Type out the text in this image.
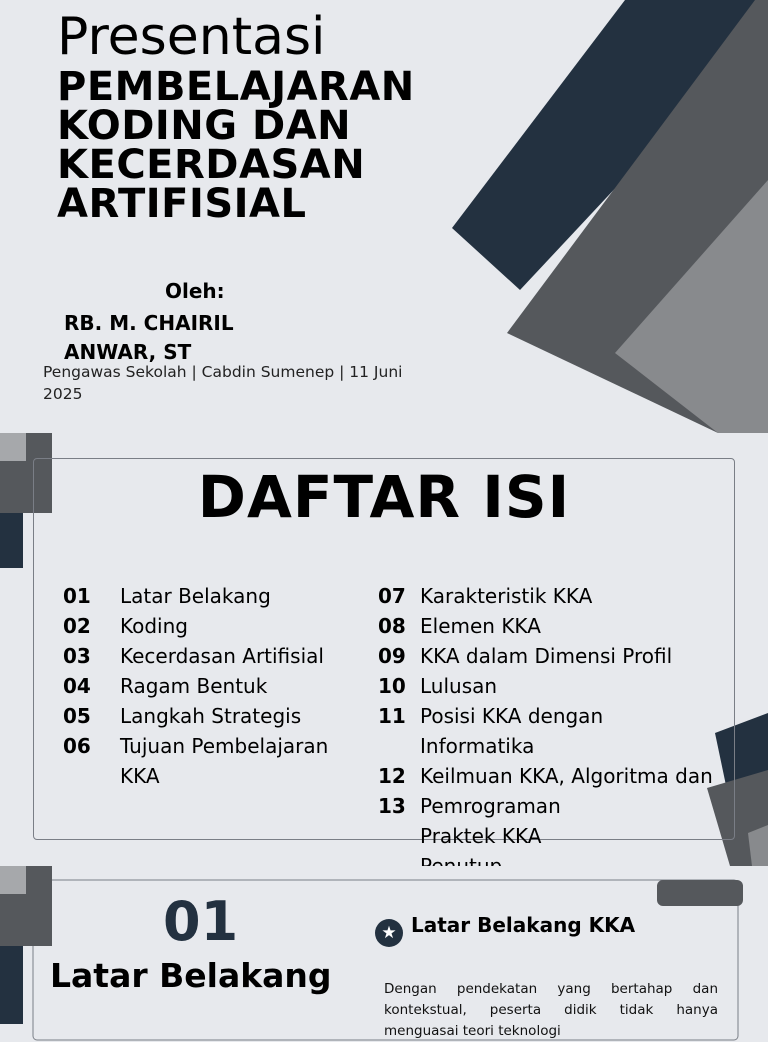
Presentasi
PEMBELAJARAN KODING DAN KECERDASAN ARTIFISIAL
Oleh:
RB. M. CHAIRIL ANWAR, ST
Pengawas Sekolah | Cabdin Sumenep | 11 Juni 2025
DAFTAR ISI
01	Latar Belakang
02	Koding
03	Kecerdasan Artifisial
04	Ragam Bentuk
05	Langkah Strategis
06	Tujuan Pembelajaran
KKA
07 Karakteristik KKA
08 Elemen KKA
09 KKA dalam Dimensi Profil
10 Lulusan
11 Posisi KKA dengan
Informatika
12 Keilmuan KKA, Algoritma dan
13 Pemrograman
Praktek KKA
01
Latar Belakang
★ Latar Belakang KKA
Dengan pendekatan yang bertahap dan kontekstual, peserta didik tidak hanya menguasai teori teknologi
